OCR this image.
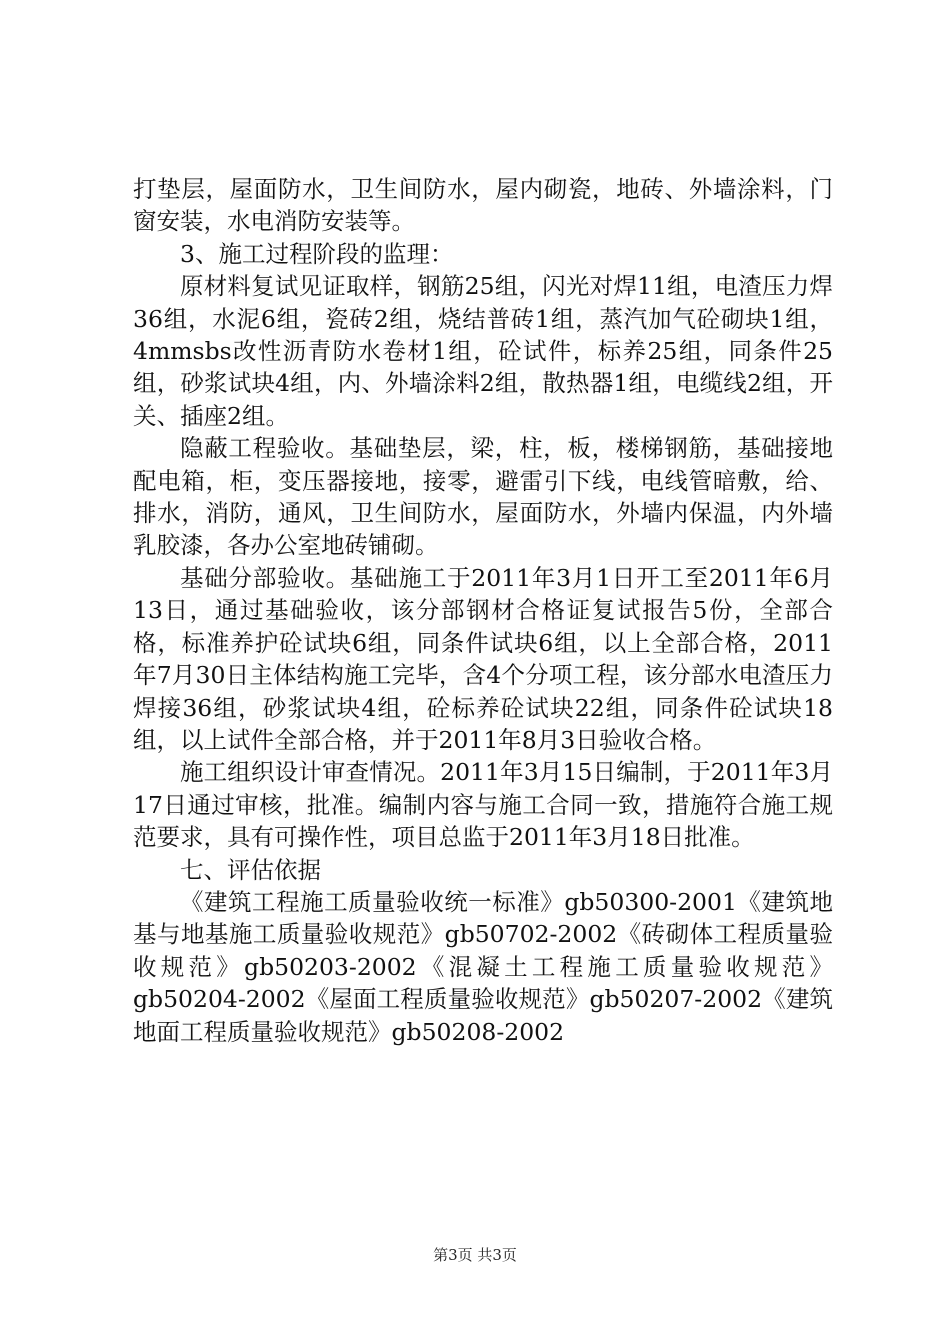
打垫层，屋面防水，卫生间防水，屋内砌瓷，地砖、外墙涂料，门窗安装，水电消防安装等。

3、施工过程阶段的监理：

原材料复试见证取样，钢筋25组，闪光对焊11组，电渣压力焊36组，水泥6组，瓷砖2组，烧结普砖1组，蒸汽加气砼砌块1组，4mmsbs改性沥青防水卷材1组，砼试件，标养25组，同条件25组，砂浆试块4组，内、外墙涂料2组，散热器1组，电缆线2组，开关、插座2组。

隐蔽工程验收。基础垫层，梁，柱，板，楼梯钢筋，基础接地配电箱，柜，变压器接地，接零，避雷引下线，电线管暗敷，给、排水，消防，通风，卫生间防水，屋面防水，外墙内保温，内外墙乳胶漆，各办公室地砖铺砌。

基础分部验收。基础施工于2011年3月1日开工至2011年6月13日，通过基础验收，该分部钢材合格证复试报告5份，全部合格，标准养护砼试块6组，同条件试块6组，以上全部合格，2011年7月30日主体结构施工完毕，含4个分项工程，该分部水电渣压力焊接36组，砂浆试块4组，砼标养砼试块22组，同条件砼试块18组，以上试件全部合格，并于2011年8月3日验收合格。

施工组织设计审查情况。2011年3月15日编制，于2011年3月17日通过审核，批准。编制内容与施工合同一致，措施符合施工规范要求，具有可操作性，项目总监于2011年3月18日批准。

七、评估依据

《建筑工程施工质量验收统一标准》gb50300-2001《建筑地基与地基施工质量验收规范》gb50702-2002《砖砌体工程质量验收规范》gb50203-2002《混凝土工程施工质量验收规范》gb50204-2002《屋面工程质量验收规范》gb50207-2002《建筑地面工程质量验收规范》gb50208-2002

第3页 共3页
